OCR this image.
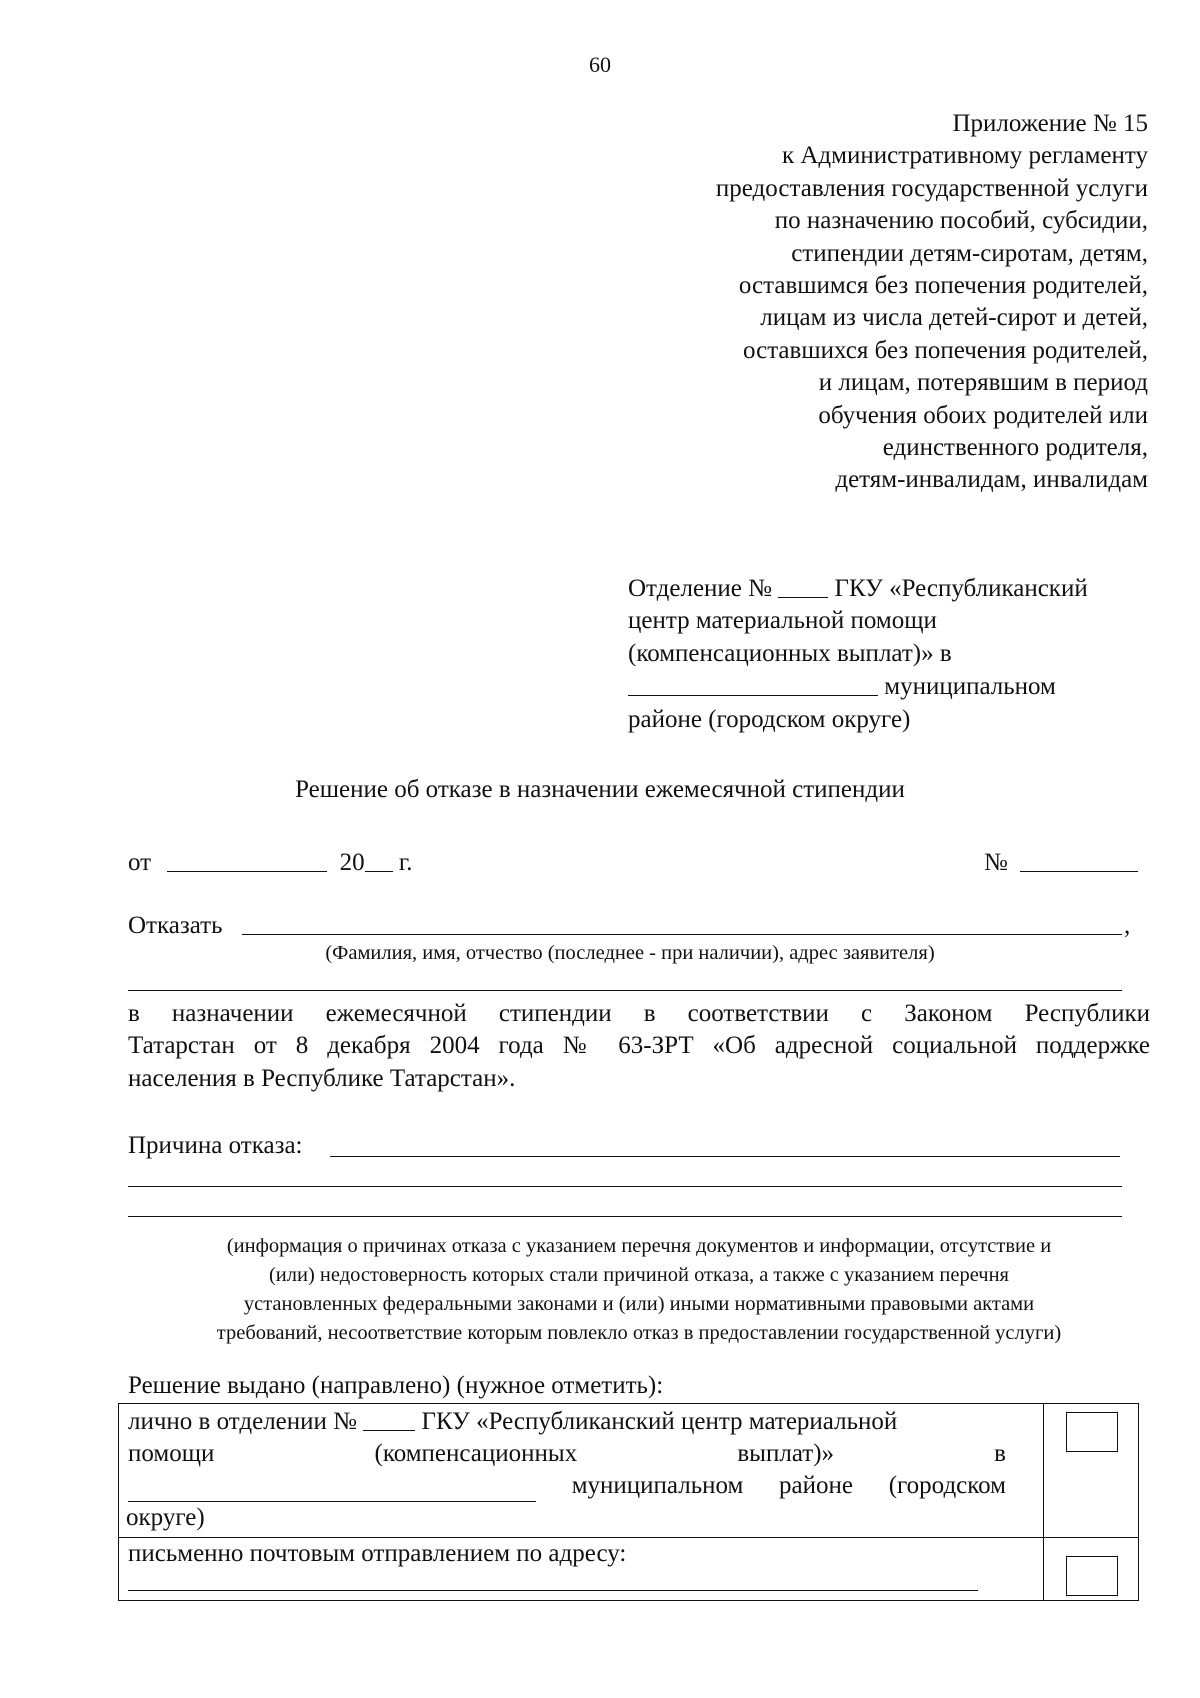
60
Приложение № 15
к Административному регламенту
предоставления государственной услуги
по назначению пособий, субсидии,
стипендии детям-сиротам, детям,
оставшимся без попечения родителей,
лицам из числа детей-сирот и детей,
оставшихся без попечения родителей,
и лицам, потерявшим в период
обучения обоих родителей или
единственного родителя,
детям-инвалидам, инвалидам
Отделение №	ГКУ «Республиканский
центр материальной помощи
(компенсационных выплат)» в
муниципальном
районе (городском округе)
Решение об отказе в назначении ежемесячной стипендии
от	20 г.	№
Отказать	,
(Фамилия, имя, отчество (последнее - при наличии), адрес заявителя)
в назначении ежемесячной стипендии в соответствии с Законом Республики
Татарстан от 8 декабря 2004 года № 63-ЗРТ «Об адресной социальной поддержке
населения в Республике Татарстан».
Причина отказа:
(информация о причинах отказа с указанием перечня документов и информации, отсутствие и
(или) недостоверность которых стали причиной отказа, а также с указанием перечня
установленных федеральными законами и (или) иными нормативными правовыми актами
требований, несоответствие которым повлекло отказ в предоставлении государственной услуги)
Решение выдано (направлено) (нужное отметить):
лично в отделении №	ГКУ «Республиканский центр материальной
помощи	(компенсационных	выплат)»	в
муниципальном районе (городском
округе)
письменно почтовым отправлением по адресу:
